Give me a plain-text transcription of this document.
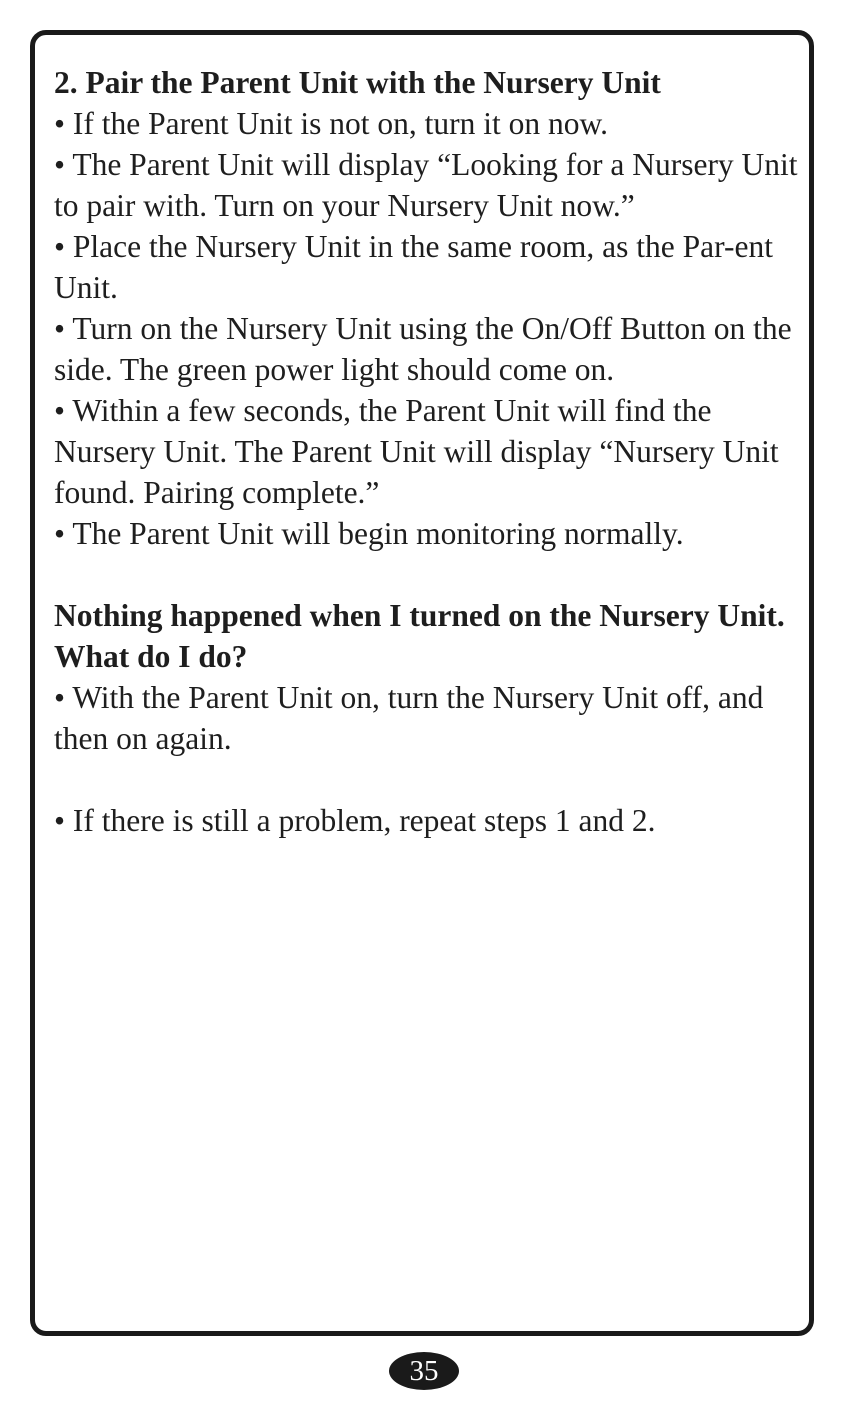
2. Pair the Parent Unit with the Nursery Unit

• If the Parent Unit is not on, turn it on now.

• The Parent Unit will display “Looking for a Nursery Unit to pair with. Turn on your Nursery Unit now.”

• Place the Nursery Unit in the same room, as the Par-ent Unit.

• Turn on the Nursery Unit using the On/Off Button on the side. The green power light should come on.

• Within a few seconds, the Parent Unit will find the Nursery Unit. The Parent Unit will display “Nursery Unit found. Pairing complete.”

• The Parent Unit will begin monitoring normally.

Nothing happened when I turned on the Nursery Unit. What do I do?

• With the Parent Unit on, turn the Nursery Unit off, and then on again.

• If there is still a problem, repeat steps 1 and 2.

35
